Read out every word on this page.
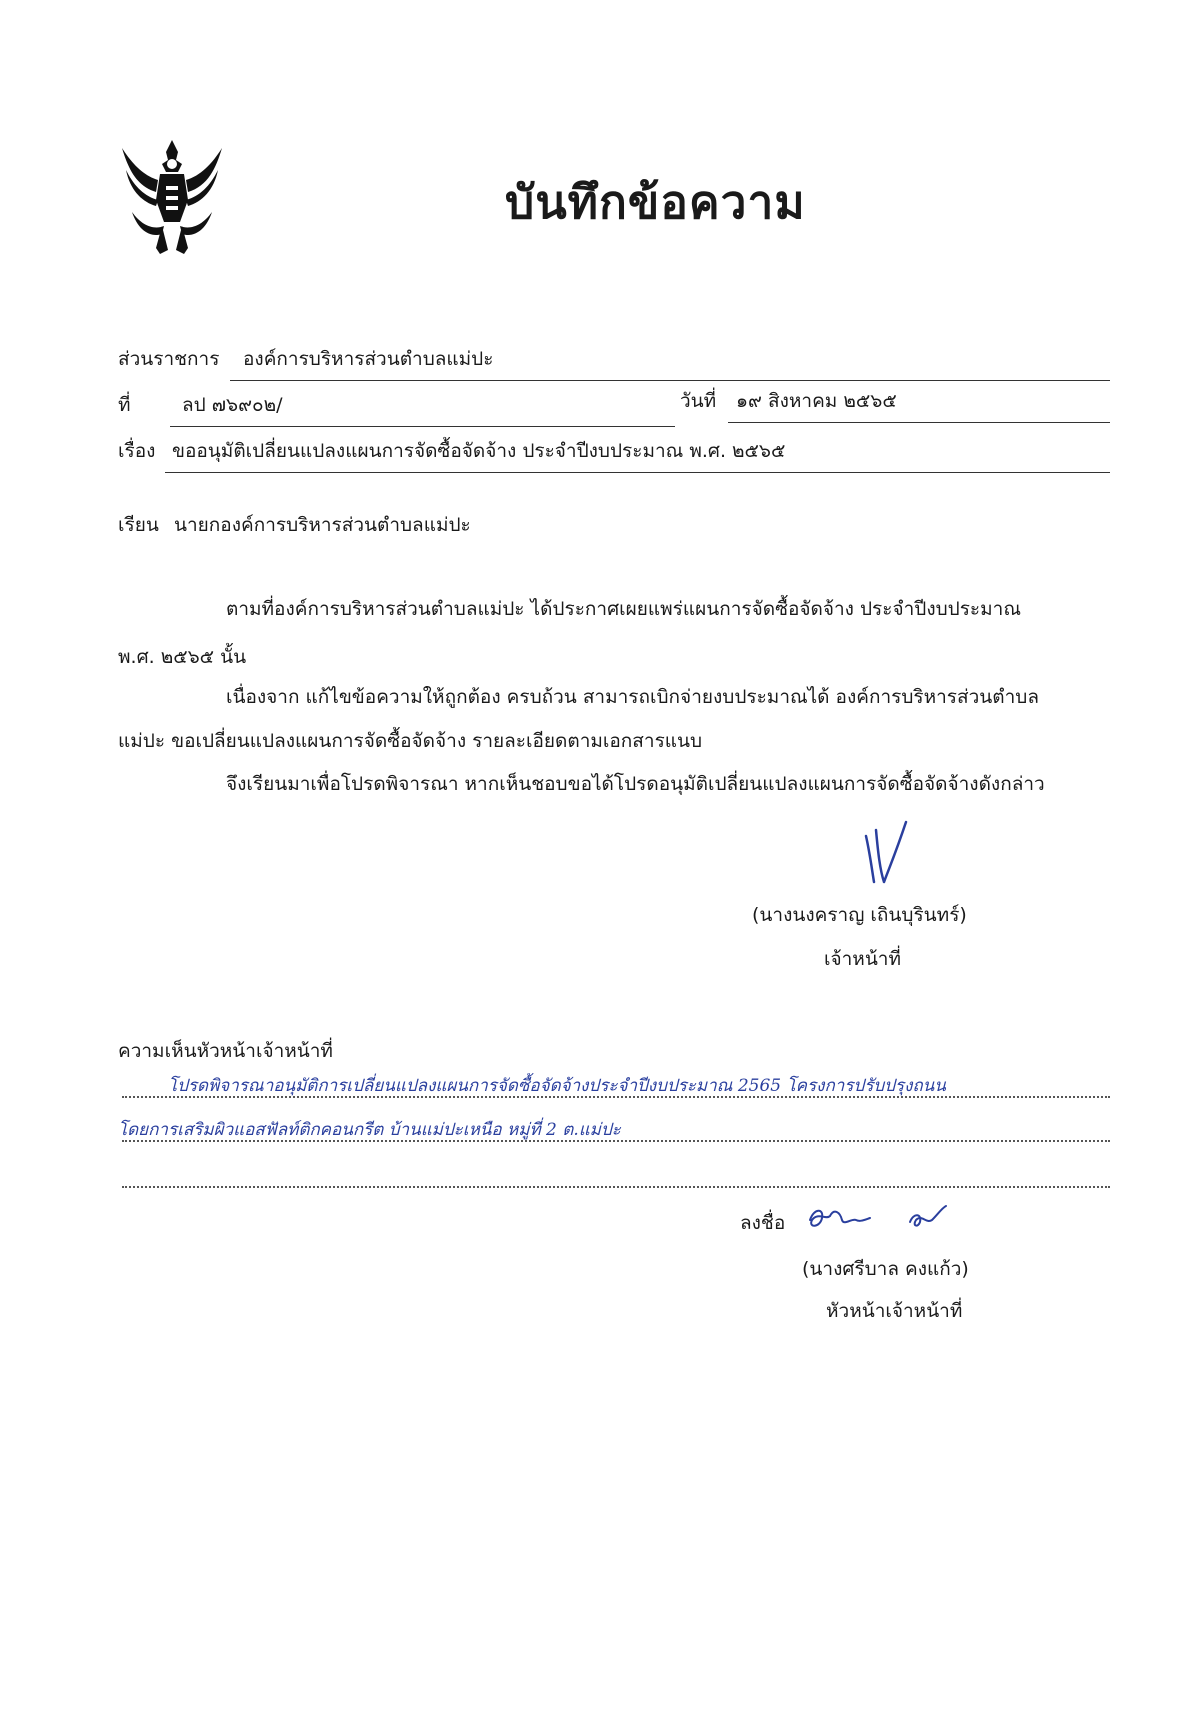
บันทึกข้อความ
ส่วนราชการ องค์การบริหารส่วนตำบลแม่ปะ
ที่	ลป ๗๖๙๐๒/	วันที่ ๑๙ สิงหาคม ๒๕๖๕
เรื่อง ขออนุมัติเปลี่ยนแปลงแผนการจัดซื้อจัดจ้าง ประจำปีงบประมาณ พ.ศ. ๒๕๖๕
เรียน นายกองค์การบริหารส่วนตำบลแม่ปะ
ตามที่องค์การบริหารส่วนตำบลแม่ปะ ได้ประกาศเผยแพร่แผนการจัดซื้อจัดจ้าง ประจำปีงบประมาณ
พ.ศ. ๒๕๖๕ นั้น
เนื่องจาก แก้ไขข้อความให้ถูกต้อง ครบถ้วน สามารถเบิกจ่ายงบประมาณได้ องค์การบริหารส่วนตำบล
แม่ปะ ขอเปลี่ยนแปลงแผนการจัดซื้อจัดจ้าง รายละเอียดตามเอกสารแนบ
จึงเรียนมาเพื่อโปรดพิจารณา หากเห็นชอบขอได้โปรดอนุมัติเปลี่ยนแปลงแผนการจัดซื้อจัดจ้างดังกล่าว
(นางนงคราญ เถินบุรินทร์)
เจ้าหน้าที่
ความเห็นหัวหน้าเจ้าหน้าที่
โปรดพิจารณาอนุมัติการเปลี่ยนแปลงแผนการจัดซื้อจัดจ้างประจำปีงบประมาณ 2565 โครงการปรับปรุงถนน
โดยการเสริมผิวแอสฟัลท์ติกคอนกรีต บ้านแม่ปะเหนือ หมู่ที่ 2 ต.แม่ปะ
ลงชื่อ
(นางศรีบาล คงแก้ว)
หัวหน้าเจ้าหน้าที่
